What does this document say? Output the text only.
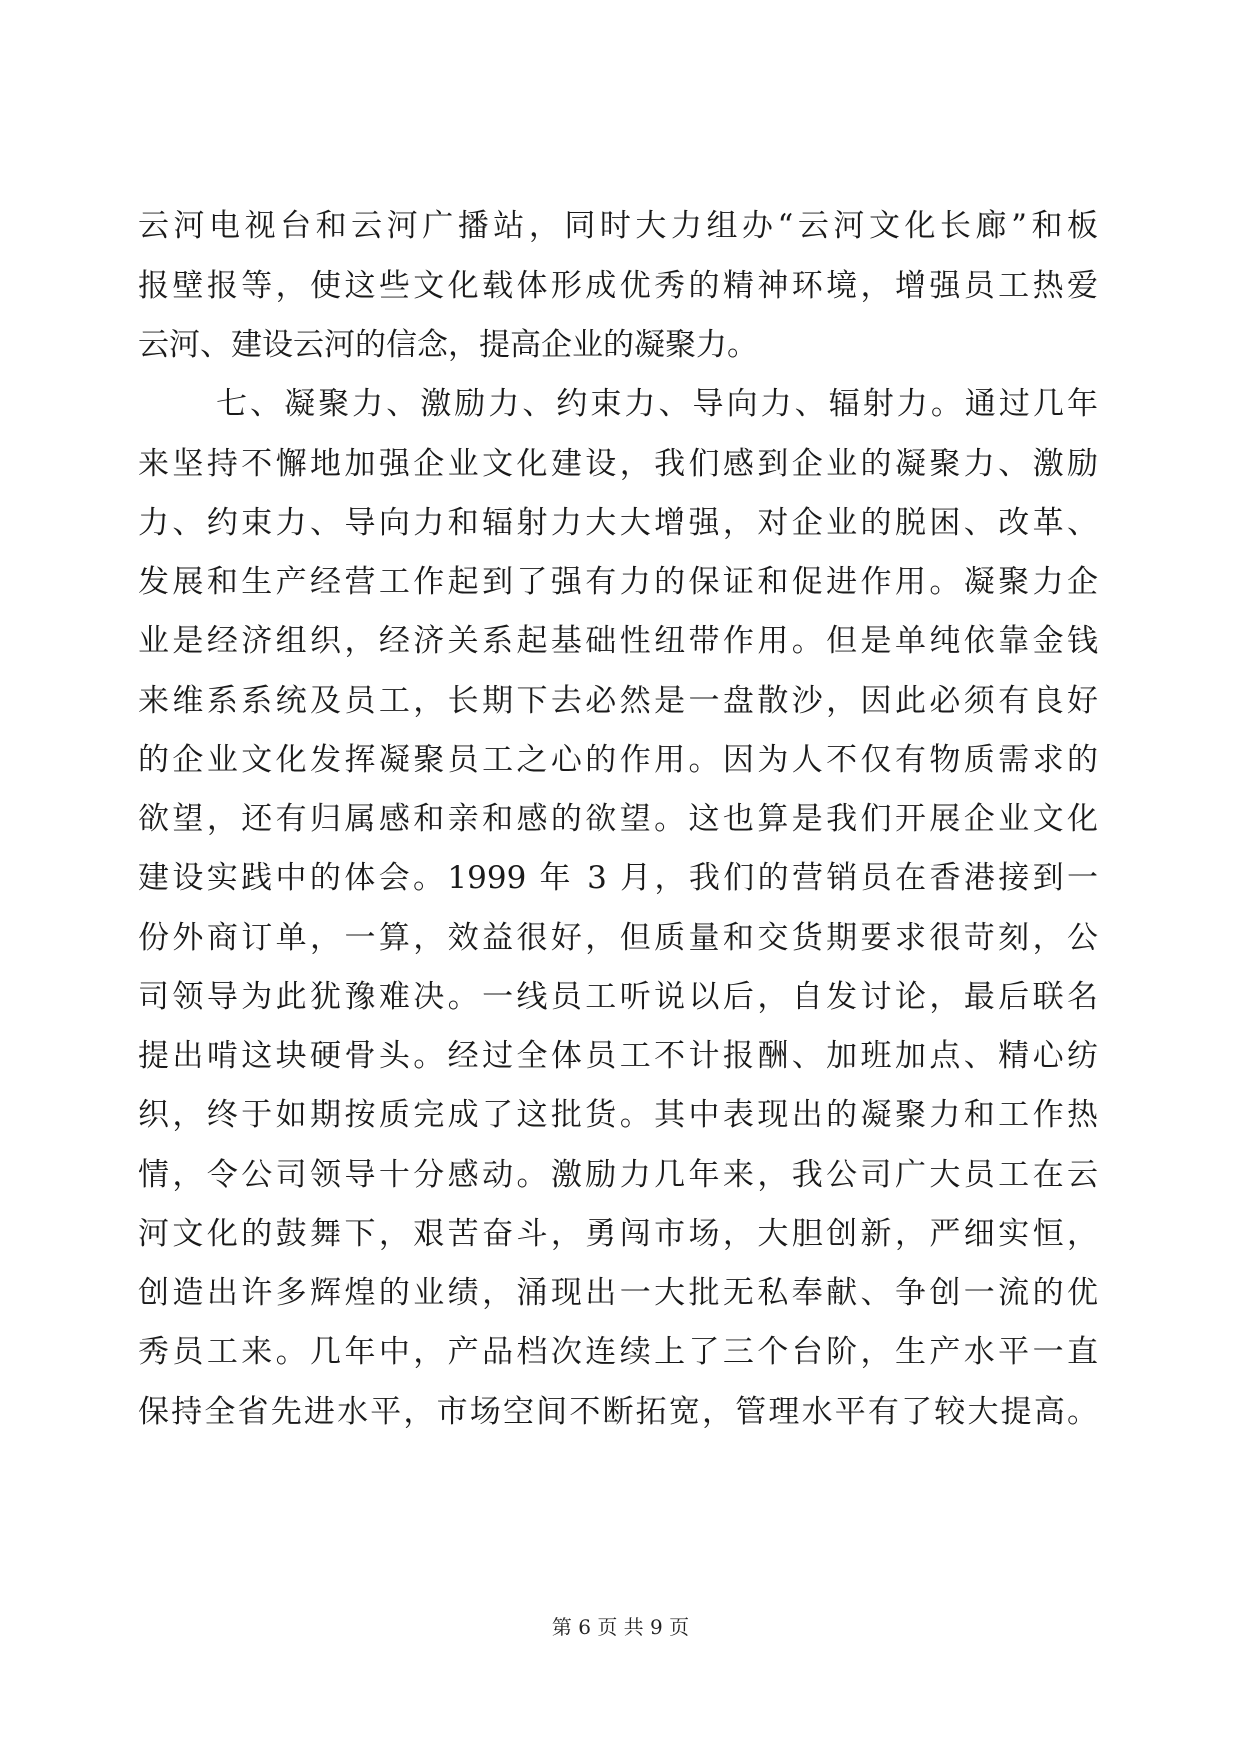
云河电视台和云河广播站，同时大力组办“云河文化长廊”和板
报壁报等，使这些文化载体形成优秀的精神环境，增强员工热爱
云河、建设云河的信念，提高企业的凝聚力。
七、凝聚力、激励力、约束力、导向力、辐射力。通过几年
来坚持不懈地加强企业文化建设，我们感到企业的凝聚力、激励
力、约束力、导向力和辐射力大大增强，对企业的脱困、改革、
发展和生产经营工作起到了强有力的保证和促进作用。凝聚力企
业是经济组织，经济关系起基础性纽带作用。但是单纯依靠金钱
来维系系统及员工，长期下去必然是一盘散沙，因此必须有良好
的企业文化发挥凝聚员工之心的作用。因为人不仅有物质需求的
欲望，还有归属感和亲和感的欲望。这也算是我们开展企业文化
建设实践中的体会。1999 年 3 月，我们的营销员在香港接到一
份外商订单，一算，效益很好，但质量和交货期要求很苛刻，公
司领导为此犹豫难决。一线员工听说以后，自发讨论，最后联名
提出啃这块硬骨头。经过全体员工不计报酬、加班加点、精心纺
织，终于如期按质完成了这批货。其中表现出的凝聚力和工作热
情，令公司领导十分感动。激励力几年来，我公司广大员工在云
河文化的鼓舞下，艰苦奋斗，勇闯市场，大胆创新，严细实恒，
创造出许多辉煌的业绩，涌现出一大批无私奉献、争创一流的优
秀员工来。几年中，产品档次连续上了三个台阶，生产水平一直
保持全省先进水平，市场空间不断拓宽，管理水平有了较大提高。
第 6 页 共 9 页
